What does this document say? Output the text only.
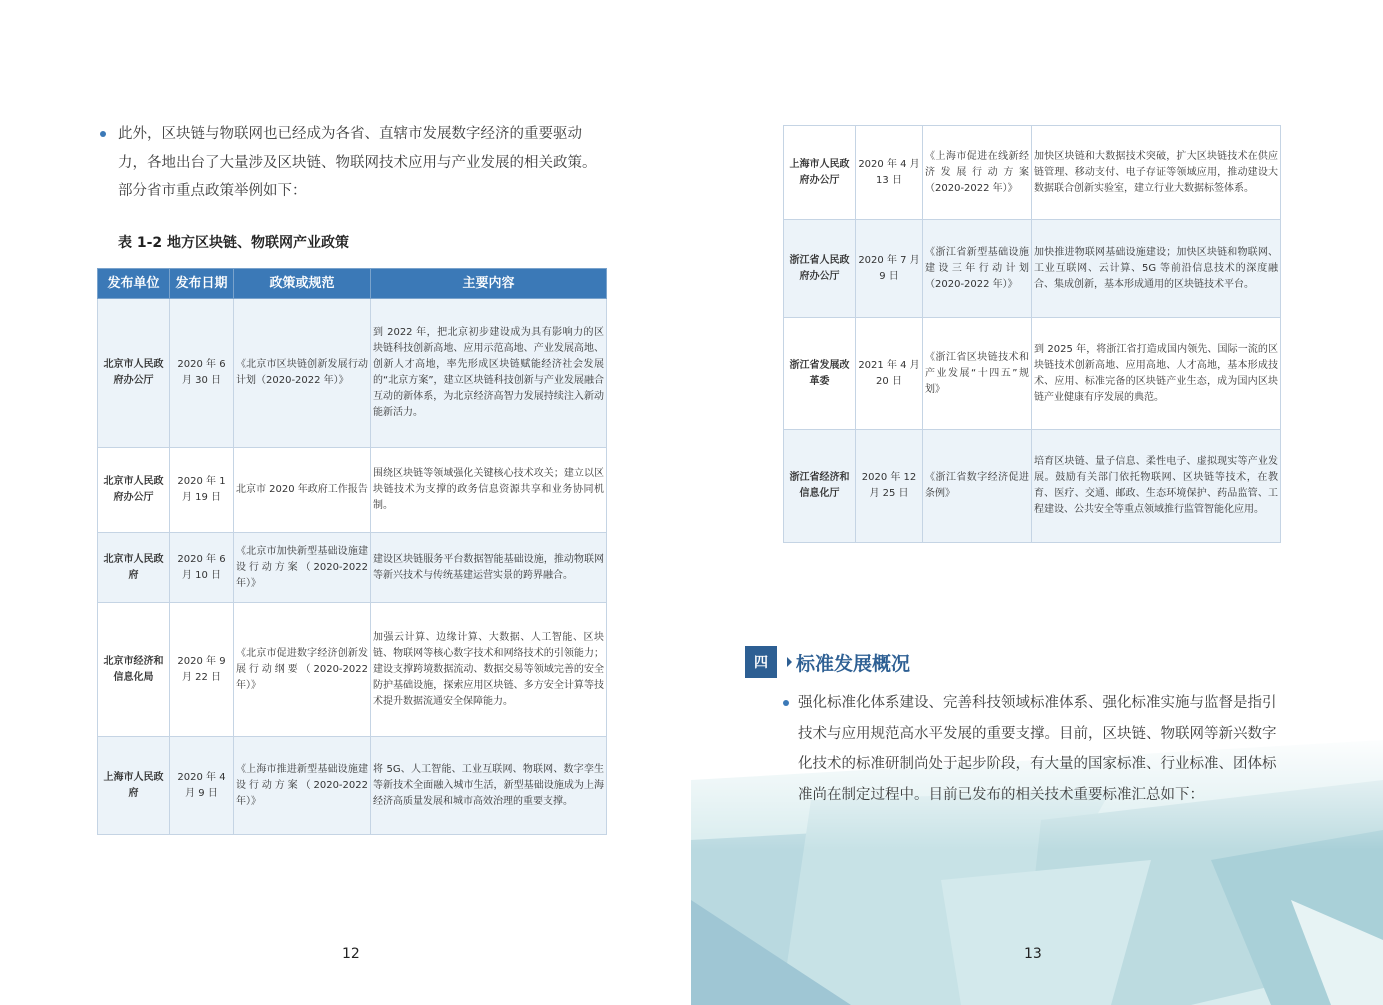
此外，区块链与物联网也已经成为各省、直辖市发展数字经济的重要驱动力，各地出台了大量涉及区块链、物联网技术应用与产业发展的相关政策。部分省市重点政策举例如下：

表 1-2 地方区块链、物联网产业政策
发布单位	发布日期	政策或规范	主要内容
北京市人民政府办公厅	2020 年 6 月 30 日	《北京市区块链创新发展行动计划（2020-2022 年）》	到 2022 年，把北京初步建设成为具有影响力的区块链科技创新高地、应用示范高地、产业发展高地、创新人才高地，率先形成区块链赋能经济社会发展的“北京方案”，建立区块链科技创新与产业发展融合互动的新体系，为北京经济高智力发展持续注入新动能新活力。
北京市人民政府办公厅	2020 年 1 月 19 日	北京市 2020 年政府工作报告	围绕区块链等领域强化关键核心技术攻关；建立以区块链技术为支撑的政务信息资源共享和业务协同机制。
北京市人民政府	2020 年 6 月 10 日	《北京市加快新型基础设施建设行动方案（2020-2022 年）》	建设区块链服务平台数据智能基础设施，推动物联网等新兴技术与传统基建运营实景的跨界融合。
北京市经济和信息化局	2020 年 9 月 22 日	《北京市促进数字经济创新发展行动纲要（2020-2022 年）》	加强云计算、边缘计算、大数据、人工智能、区块链、物联网等核心数字技术和网络技术的引领能力；建设支撑跨境数据流动、数据交易等领域完善的安全防护基础设施，探索应用区块链、多方安全计算等技术提升数据流通安全保障能力。
上海市人民政府	2020 年 4 月 9 日	《上海市推进新型基础设施建设行动方案（2020-2022 年）》	将 5G、人工智能、工业互联网、物联网、数字孪生等新技术全面融入城市生活，新型基础设施成为上海经济高质量发展和城市高效治理的重要支撑。
12	13
上海市人民政府办公厅	2020 年 4 月 13 日	《上海市促进在线新经济发展行动方案（2020-2022 年）》	加快区块链和大数据技术突破，扩大区块链技术在供应链管理、移动支付、电子存证等领域应用，推动建设大数据联合创新实验室，建立行业大数据标签体系。
浙江省人民政府办公厅	2020 年 7 月 9 日	《浙江省新型基础设施建设三年行动计划（2020-2022 年）》	加快推进物联网基础设施建设；加快区块链和物联网、工业互联网、云计算、5G 等前沿信息技术的深度融合、集成创新，基本形成通用的区块链技术平台。
浙江省发展改革委	2021 年 4 月 20 日	《浙江省区块链技术和产业发展“十四五”规划》	到 2025 年，将浙江省打造成国内领先、国际一流的区块链技术创新高地、应用高地、人才高地，基本形成技术、应用、标准完备的区块链产业生态，成为国内区块链产业健康有序发展的典范。
浙江省经济和信息化厅	2020 年 12 月 25 日	《浙江省数字经济促进条例》	培育区块链、量子信息、柔性电子、虚拟现实等产业发展。鼓励有关部门依托物联网、区块链等技术，在教育、医疗、交通、邮政、生态环境保护、药品监管、工程建设、公共安全等重点领域推行监管智能化应用。
四	标准发展概况

强化标准化体系建设、完善科技领域标准体系、强化标准实施与监督是指引技术与应用规范高水平发展的重要支撑。目前，区块链、物联网等新兴数字化技术的标准研制尚处于起步阶段，有大量的国家标准、行业标准、团体标准尚在制定过程中。目前已发布的相关技术重要标准汇总如下：
